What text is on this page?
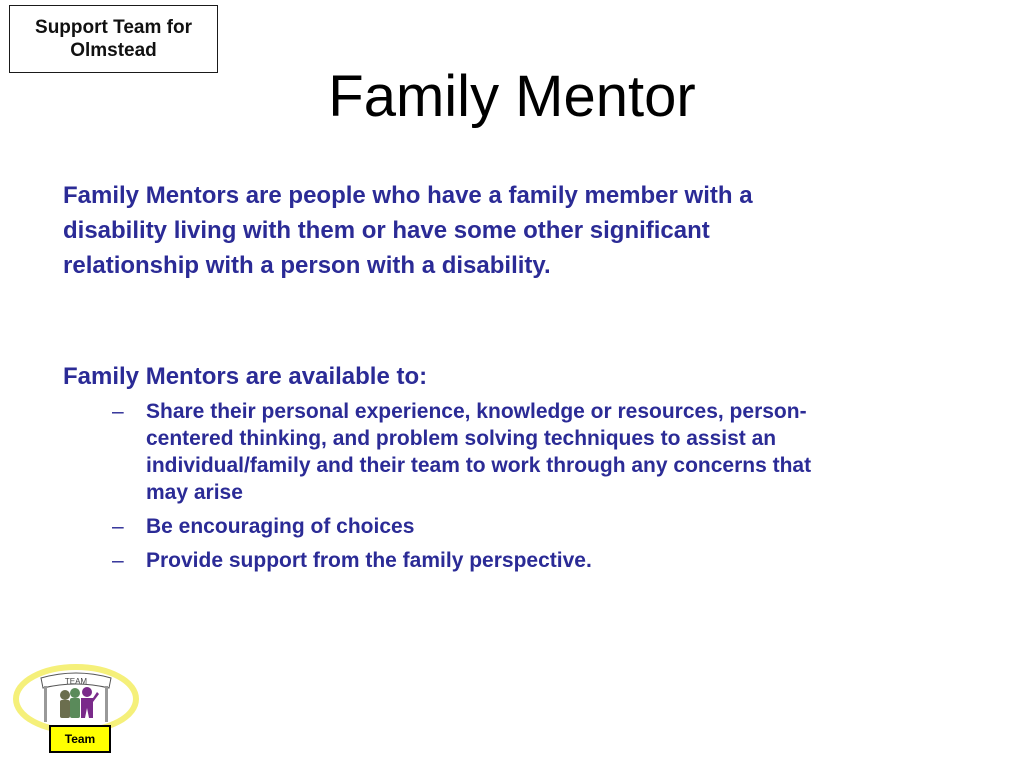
Support Team for
Olmstead
Family Mentor
Family Mentors are people who have a family member with a
disability living with them or have some other significant
relationship with a person with a disability.

Family Mentors are available to:

–	Share their personal experience, knowledge or resources, person-
centered thinking, and problem solving techniques to assist an
individual/family and their team to work through any concerns that
may arise
–	Be encouraging of choices
–	Provide support from the family perspective.
TEAM
Team
